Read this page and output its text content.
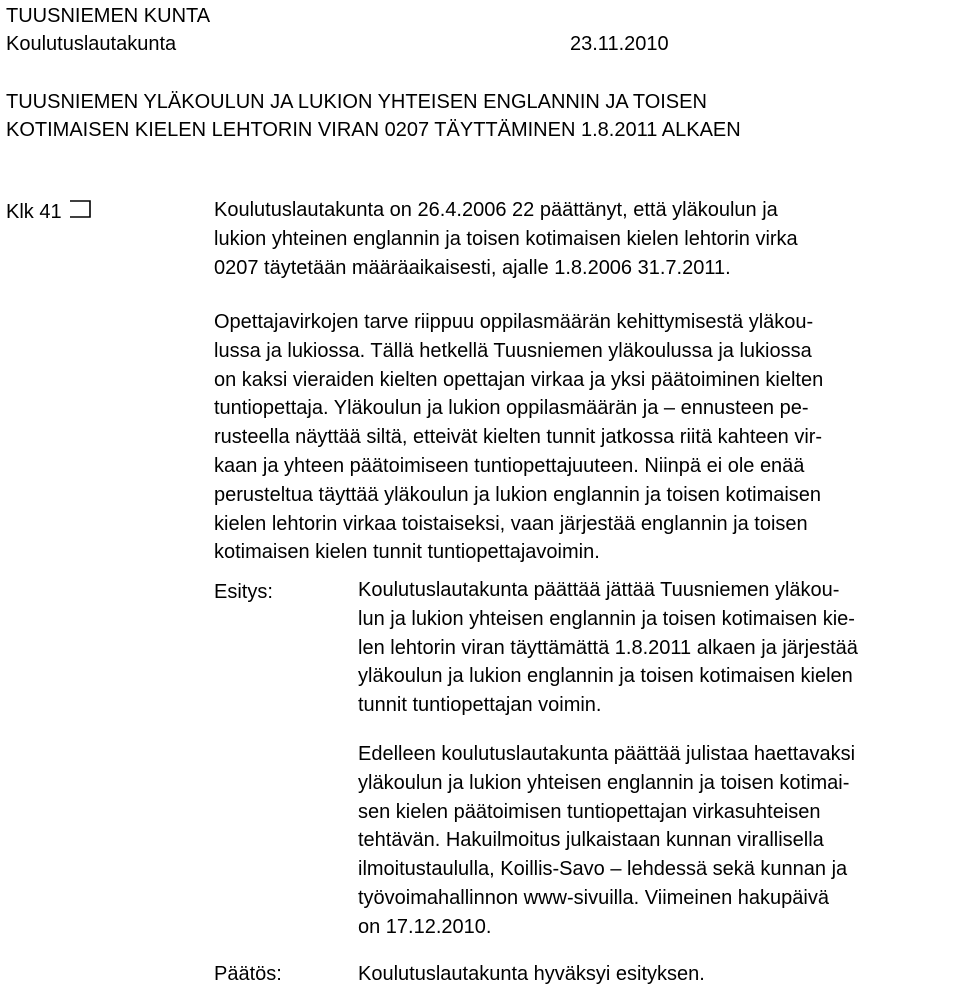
TUUSNIEMEN KUNTA
Koulutuslautakunta	23.11.2010
TUUSNIEMEN YLÄKOULUN JA LUKION YHTEISEN ENGLANNIN JA TOISEN
KOTIMAISEN KIELEN LEHTORIN VIRAN 0207 TÄYTTÄMINEN 1.8.2011 ALKAEN
Klk 41	Koulutuslautakunta on 26.4.2006 22 päättänyt, että yläkoulun ja
lukion yhteinen englannin ja toisen kotimaisen kielen lehtorin virka
0207 täytetään määräaikaisesti, ajalle 1.8.2006 31.7.2011.
Opettajavirkojen tarve riippuu oppilasmäärän kehittymisestä yläkou-
lussa ja lukiossa. Tällä hetkellä Tuusniemen yläkoulussa ja lukiossa
on kaksi vieraiden kielten opettajan virkaa ja yksi päätoiminen kielten
tuntiopettaja. Yläkoulun ja lukion oppilasmäärän ja – ennusteen pe-
rusteella näyttää siltä, etteivät kielten tunnit jatkossa riitä kahteen vir-
kaan ja yhteen päätoimiseen tuntiopettajuuteen. Niinpä ei ole enää
perusteltua täyttää yläkoulun ja lukion englannin ja toisen kotimaisen
kielen lehtorin virkaa toistaiseksi, vaan järjestää englannin ja toisen
kotimaisen kielen tunnit tuntiopettajavoimin.
Esitys:	Koulutuslautakunta päättää jättää Tuusniemen yläkou-
lun ja lukion yhteisen englannin ja toisen kotimaisen kie-
len lehtorin viran täyttämättä 1.8.2011 alkaen ja järjestää
yläkoulun ja lukion englannin ja toisen kotimaisen kielen
tunnit tuntiopettajan voimin.
Edelleen koulutuslautakunta päättää julistaa haettavaksi
yläkoulun ja lukion yhteisen englannin ja toisen kotimai-
sen kielen päätoimisen tuntiopettajan virkasuhteisen
tehtävän. Hakuilmoitus julkaistaan kunnan virallisella
ilmoitustaululla, Koillis-Savo – lehdessä sekä kunnan ja
työvoimahallinnon www-sivuilla. Viimeinen hakupäivä
on 17.12.2010.
Päätös:	Koulutuslautakunta hyväksyi esityksen.
